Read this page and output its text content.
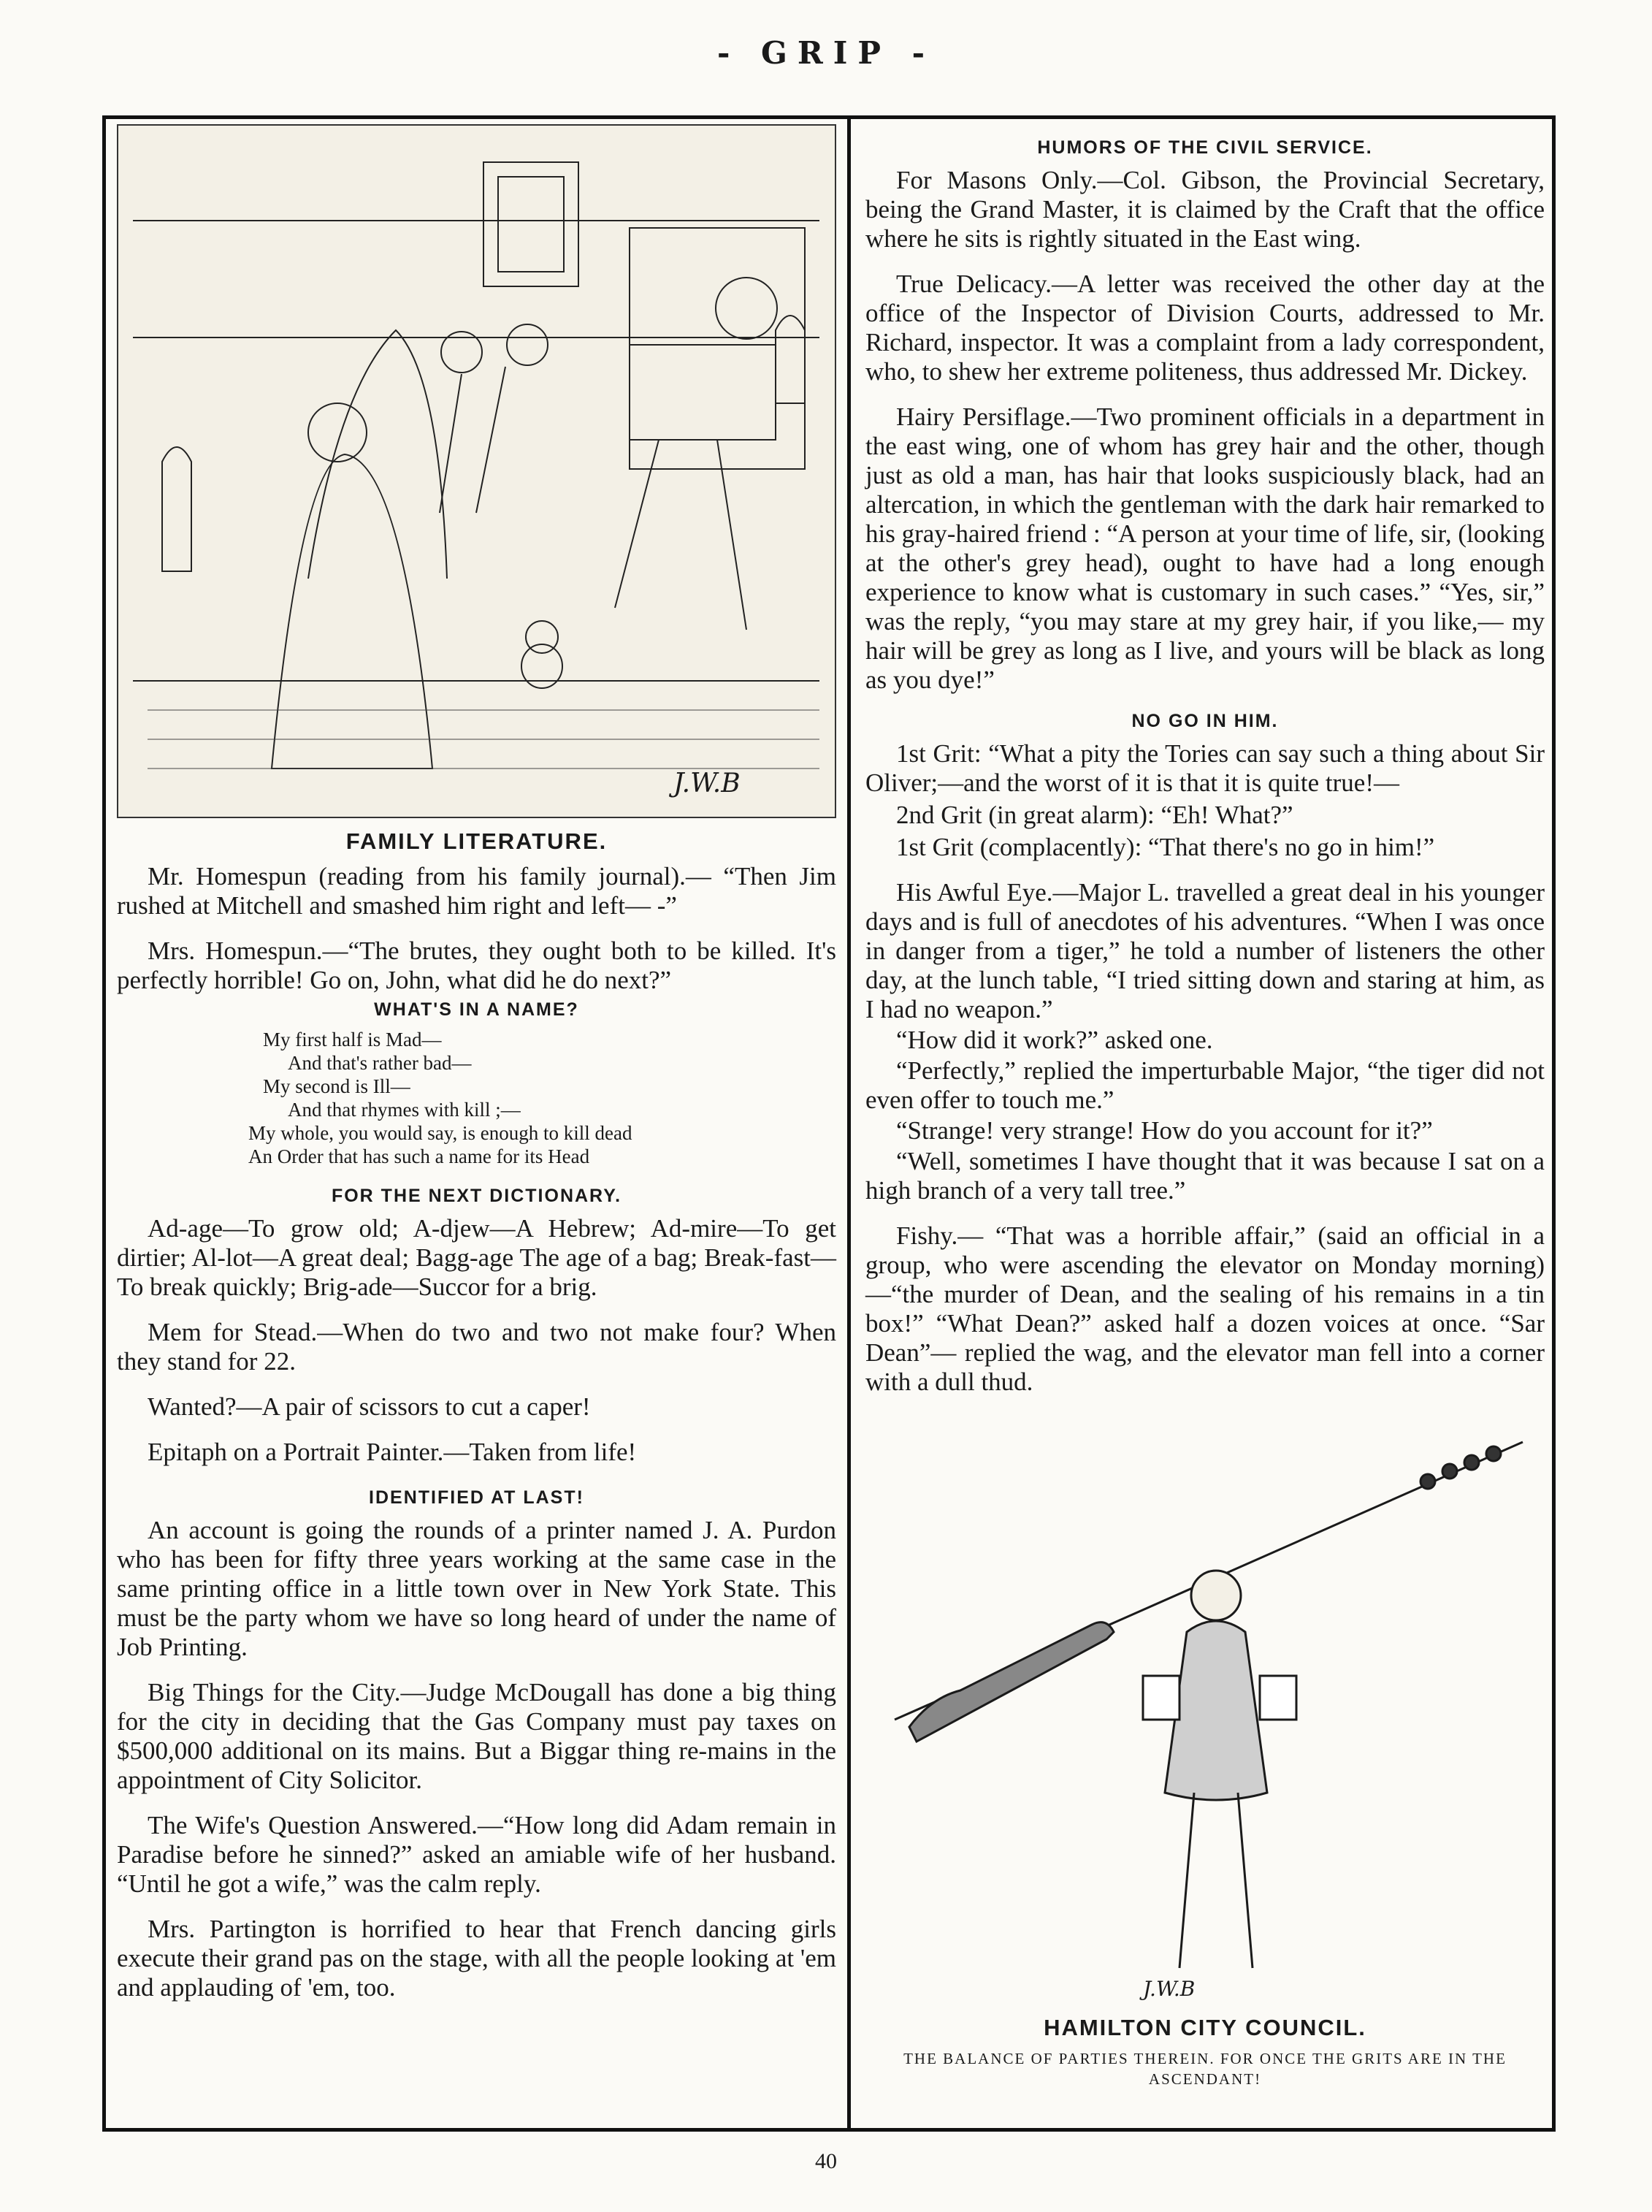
- GRIP -
J.W.B
FAMILY LITERATURE.

Mr. Homespun (reading from his family journal).— “Then Jim rushed at Mitchell and smashed him right and left— -”

Mrs. Homespun.—“The brutes, they ought both to be killed. It's perfectly horrible! Go on, John, what did he do next?”

WHAT'S IN A NAME?
My first half is Mad—
And that's rather bad—
My second is Ill—
And that rhymes with kill ;—
My whole, you would say, is enough to kill dead
An Order that has such a name for its Head
FOR THE NEXT DICTIONARY.

Ad-age—To grow old; A-djew—A Hebrew; Ad-mire—To get dirtier; Al-lot—A great deal; Bagg-age The age of a bag; Break-fast—To break quickly; Brig-ade—Succor for a brig.

Mem for Stead.—When do two and two not make four? When they stand for 22.

Wanted?—A pair of scissors to cut a caper!

Epitaph on a Portrait Painter.—Taken from life!

IDENTIFIED AT LAST!

An account is going the rounds of a printer named J. A. Purdon who has been for fifty three years working at the same case in the same printing office in a little town over in New York State. This must be the party whom we have so long heard of under the name of Job Printing.

Big Things for the City.—Judge McDougall has done a big thing for the city in deciding that the Gas Company must pay taxes on $500,000 additional on its mains. But a Biggar thing re-mains in the appointment of City Solicitor.

The Wife's Question Answered.—“How long did Adam remain in Paradise before he sinned?” asked an amiable wife of her husband. “Until he got a wife,” was the calm reply.

Mrs. Partington is horrified to hear that French dancing girls execute their grand pas on the stage, with all the people looking at 'em and applauding of 'em, too.

HUMORS OF THE CIVIL SERVICE.

For Masons Only.—Col. Gibson, the Provincial Secretary, being the Grand Master, it is claimed by the Craft that the office where he sits is rightly situated in the East wing.

True Delicacy.—A letter was received the other day at the office of the Inspector of Division Courts, addressed to Mr. Richard, inspector. It was a complaint from a lady correspondent, who, to shew her extreme politeness, thus addressed Mr. Dickey.

Hairy Persiflage.—Two prominent officials in a department in the east wing, one of whom has grey hair and the other, though just as old a man, has hair that looks suspiciously black, had an altercation, in which the gentleman with the dark hair remarked to his gray-haired friend : “A person at your time of life, sir, (looking at the other's grey head), ought to have had a long enough experience to know what is customary in such cases.” “Yes, sir,” was the reply, “you may stare at my grey hair, if you like,— my hair will be grey as long as I live, and yours will be black as long as you dye!”

NO GO IN HIM.

1st Grit: “What a pity the Tories can say such a thing about Sir Oliver;—and the worst of it is that it is quite true!—

2nd Grit (in great alarm): “Eh! What?”

1st Grit (complacently): “That there's no go in him!”

His Awful Eye.—Major L. travelled a great deal in his younger days and is full of anecdotes of his adventures. “When I was once in danger from a tiger,” he told a number of listeners the other day, at the lunch table, “I tried sitting down and staring at him, as I had no weapon.”

“How did it work?” asked one.

“Perfectly,” replied the imperturbable Major, “the tiger did not even offer to touch me.”

“Strange! very strange! How do you account for it?”

“Well, sometimes I have thought that it was because I sat on a high branch of a very tall tree.”

Fishy.— “That was a horrible affair,” (said an official in a group, who were ascending the elevator on Monday morning)—“the murder of Dean, and the sealing of his remains in a tin box!” “What Dean?” asked half a dozen voices at once. “Sar Dean”— replied the wag, and the elevator man fell into a corner with a dull thud.

J.W.B
HAMILTON CITY COUNCIL.
THE BALANCE OF PARTIES THEREIN. FOR ONCE THE GRITS ARE IN THE ASCENDANT!
40
